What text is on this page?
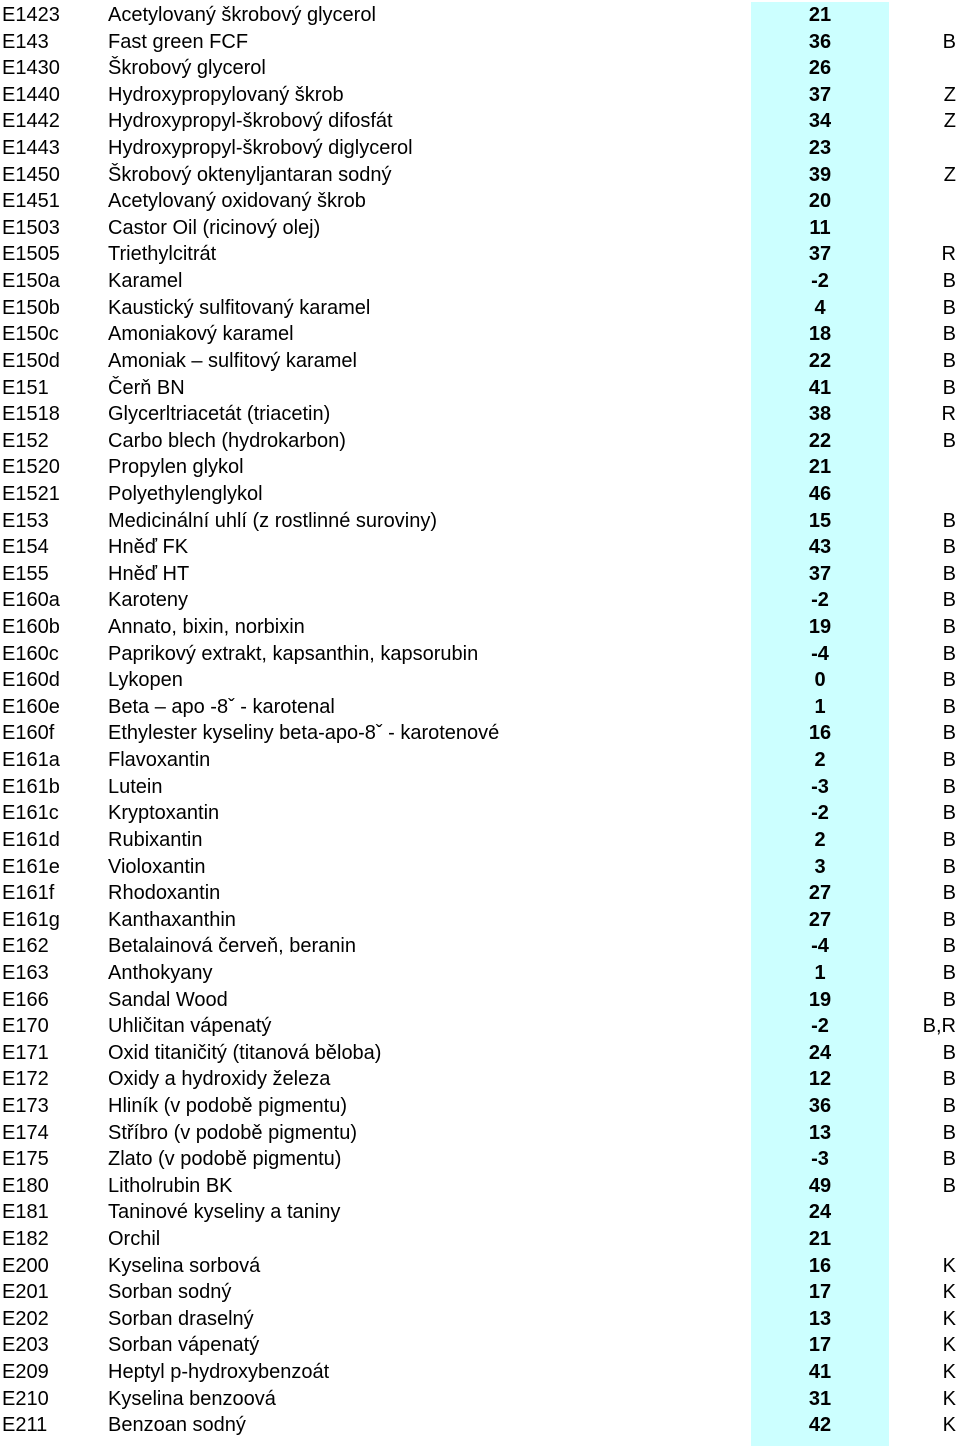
E1423 Acetylovaný škrobový glycerol	21
E143	Fast green FCF	36	B
E1430 Škrobový glycerol	26
E1440 Hydroxypropylovaný škrob	37	Z
E1442 Hydroxypropyl-škrobový difosfát	34	Z
E1443 Hydroxypropyl-škrobový diglycerol	23
E1450 Škrobový oktenyljantaran sodný	39	Z
E1451 Acetylovaný oxidovaný škrob	20
E1503 Castor Oil (ricinový olej)	11
E1505 Triethylcitrát	37	R
E150a Karamel	-2	B
E150b Kaustický sulfitovaný karamel	4	B
E150c Amoniakový karamel	18	B
E150d Amoniak – sulfitový karamel	22	B
E151	Čerň BN	41	B
E1518 Glycerltriacetát (triacetin)	38	R
E152	Carbo blech (hydrokarbon)	22	B
E1520 Propylen glykol	21
E1521 Polyethylenglykol	46
E153	Medicinální uhlí (z rostlinné suroviny)	15	B
E154	Hněď FK	43	B
E155	Hněď HT	37	B
E160a Karoteny	-2	B
E160b Annato, bixin, norbixin	19	B
E160c Paprikový extrakt, kapsanthin, kapsorubin	-4	B
E160d Lykopen	0	B
E160e Beta – apo -8ˇ - karotenal	1	B
E160f	Ethylester kyseliny beta-apo-8ˇ - karotenové	16	B
E161a Flavoxantin	2	B
E161b Lutein	-3	B
E161c Kryptoxantin	-2	B
E161d Rubixantin	2	B
E161e Violoxantin	3	B
E161f	Rhodoxantin	27	B
E161g Kanthaxanthin	27	B
E162	Betalainová červeň, beranin	-4	B
E163	Anthokyany	1	B
E166	Sandal Wood	19	B
E170	Uhličitan vápenatý	-2	B,R
E171	Oxid titaničitý (titanová běloba)	24	B
E172	Oxidy a hydroxidy železa	12	B
E173	Hliník (v podobě pigmentu)	36	B
E174	Stříbro (v podobě pigmentu)	13	B
E175	Zlato (v podobě pigmentu)	-3	B
E180	Litholrubin BK	49	B
E181	Taninové kyseliny a taniny	24
E182	Orchil	21
E200	Kyselina sorbová	16	K
E201	Sorban sodný	17	K
E202	Sorban draselný	13	K
E203	Sorban vápenatý	17	K
E209	Heptyl p-hydroxybenzoát	41	K
E210	Kyselina benzoová	31	K
E211	Benzoan sodný	42	K
